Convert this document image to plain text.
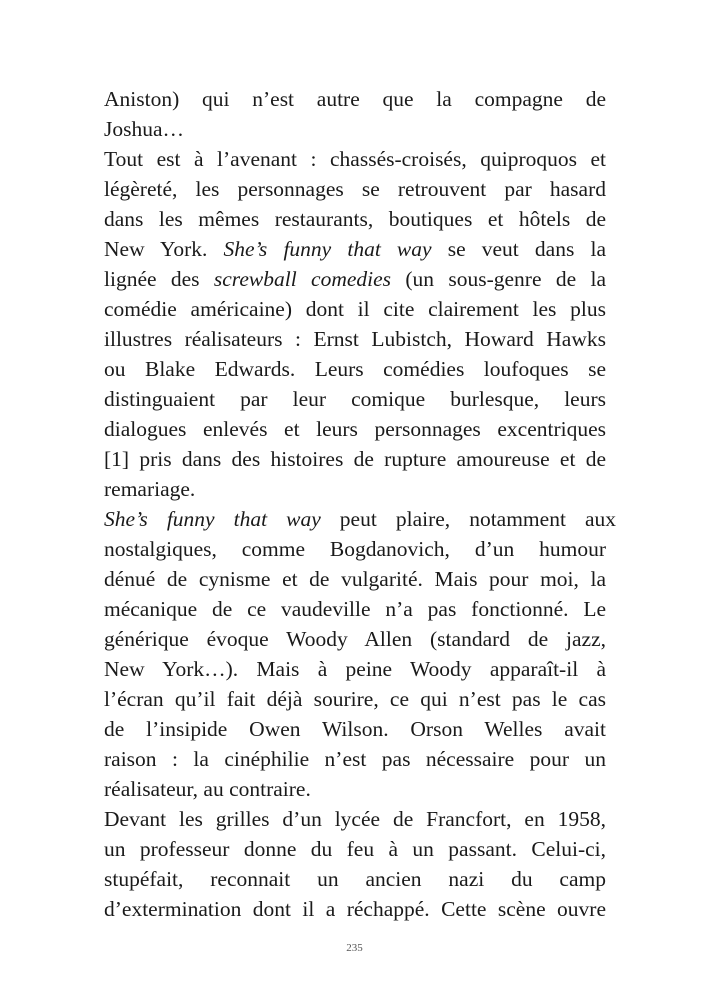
Aniston) qui n’est autre que la compagne de
Joshua…
Tout est à l’avenant : chassés-croisés, quiproquos et
légèreté, les personnages se retrouvent par hasard
dans les mêmes restaurants, boutiques et hôtels de
New York. She’s funny that way se veut dans la
lignée des screwball comedies (un sous-genre de la
comédie américaine) dont il cite clairement les plus
illustres réalisateurs : Ernst Lubistch, Howard Hawks
ou Blake Edwards. Leurs comédies loufoques se
distinguaient par leur comique burlesque, leurs
dialogues enlevés et leurs personnages excentriques
[1] pris dans des histoires de rupture amoureuse et de
remariage.
She’s funny that way peut plaire, notamment aux
nostalgiques, comme Bogdanovich, d’un humour
dénué de cynisme et de vulgarité. Mais pour moi, la
mécanique de ce vaudeville n’a pas fonctionné. Le
générique évoque Woody Allen (standard de jazz,
New York…). Mais à peine Woody apparaît-il à
l’écran qu’il fait déjà sourire, ce qui n’est pas le cas
de l’insipide Owen Wilson. Orson Welles avait
raison : la cinéphilie n’est pas nécessaire pour un
réalisateur, au contraire.
Devant les grilles d’un lycée de Francfort, en 1958,
un professeur donne du feu à un passant. Celui-ci,
stupéfait, reconnait un ancien nazi du camp
d’extermination dont il a réchappé. Cette scène ouvre
235
